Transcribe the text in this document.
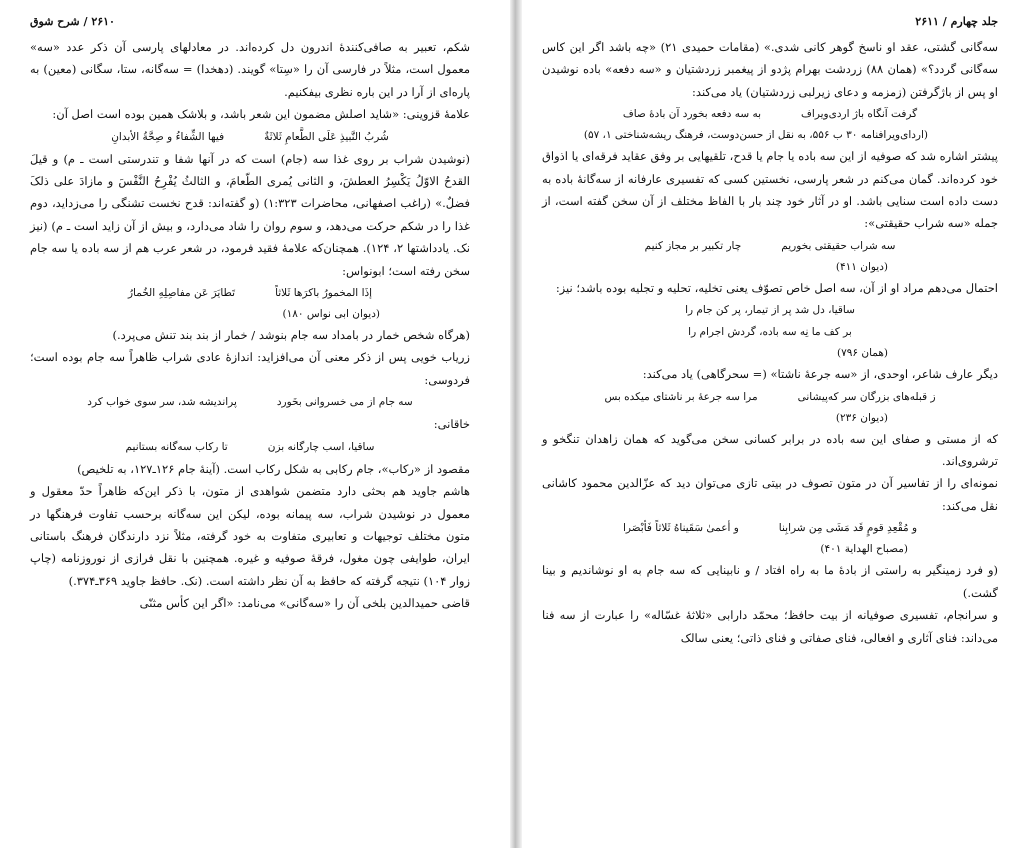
۲۶۱۰ / شرح شوق

شکم، تعبیر به صافی‌کنندهٔ اندرون دل کرده‌اند. در معادلهای پارسی آن ذکر عدد «سه» معمول است، مثلاً در فارسی آن را «سِتا» گویند. (دهخدا) = سه‌گانه، ستا، سگانی (معین) به پاره‌ای از آرا در این باره نظری بیفکنیم.

علامهٔ قزوینی: «شاید اصلش مضمون این شعر باشد، و بلاشک همین بوده است اصل آن:

شُربُ النَّبیذِ عَلَی الطَّعامِ ثَلاثَةٌ
فیها الشِّفاءُ و صِحَّةُ الأبدانِ

(نوشیدن شراب بر روی غذا سه (جام) است که در آنها شفا و تندرستی است ـ م) و قیلَ القدحُ الاوّلُ یَکْسِرُ العطشَ، و الثانی یُمری الطّعامَ، و الثالثُ یُفْرِحُ النَّفْسَ و مازادَ علی ذلکَ فضلٌ.» (راغب اصفهانی، محاضرات ۱:۳۲۳) (و گفته‌اند: قدح نخست تشنگی را می‌زداید، دوم غذا را در شکم حرکت می‌دهد، و سوم روان را شاد می‌دارد، و بیش از آن زاید است ـ م) (نیز نک. یادداشتها ۲، ۱۲۴). همچنان‌که علامهٔ فقید فرمود، در شعر عرب هم از سه باده یا سه جام سخن رفته است؛ ابونواس:

إذَا المخمورُ باکرَها ثَلاثاً
تَطایَرَ عَن مفاصِلِهِ الخُمارُ
(دیوان ابی نواس ۱۸۰)

(هرگاه شخص خمار در بامداد سه جام بنوشد / خمار از بند بند تنش می‌پرد.)

زریاب خویی پس از ذکر معنی آن می‌افزاید: اندازهٔ عادی شراب ظاهراً سه جام بوده است؛ فردوسی:

سه جام از می خسروانی بخَورد
پراندیشه شد، سر سوی خواب کرد

خاقانی:

ساقیا، اسب چارگانه بزن
تا رکاب سه‌گانه بستانیم

مقصود از «رکاب»، جام رکابی به شکل رکاب است. (آینهٔ جام ۱۲۶ـ۱۲۷، به تلخیص)

هاشم جاوید هم بحثی دارد متضمن شواهدی از متون، با ذکر این‌که ظاهراً حدّ معقول و معمول در نوشیدن شراب، سه پیمانه بوده، لیکن این سه‌گانه برحسب تفاوت فرهنگها در متون مختلف توجیهات و تعابیری متفاوت به خود گرفته، مثلاً نزد دارندگان فرهنگ باستانی ایران، طوایفی چون مغول، فرقهٔ صوفیه و غیره. همچنین با نقل فرازی از نوروزنامه (چاپ زوار ۱۰۴) نتیجه گرفته که حافظ به آن نظر داشته است. (نک. حافظ جاوید ۳۶۹ـ۳۷۴.)

قاضی حمیدالدین بلخی آن را «سه‌گانی» می‌نامد: «اگر این کأس مثنّی

جلد چهارم / ۲۶۱۱

سه‌گانی گشتی، عقد او ناسخ گوهر کانی شدی.» (مقامات حمیدی ۲۱) «چه باشد اگر این کاس سه‌گانی گردد؟» (همان ۸۸) زردشت بهرام پژدو از پیغمبر زردشتیان و «سه دفعه» باده نوشیدن او پس از باژگرفتن (زمزمه و دعای زیرلبی زردشتیان) یاد می‌کند:

گرفت آنگاه باژ اردی‌ویراف
به سه دفعه بخورد آن بادهٔ صاف
(اردای‌ویرافنامه ۳۰ ب ۵۵۶، به نقل از حسن‌دوست، فرهنگ ریشه‌شناختی ۱، ۵۷)

پیشتر اشاره شد که صوفیه از این سه باده یا جام یا قدح، تلقیهایی بر وفق عقاید فرقه‌ای یا اذواق خود کرده‌اند. گمان می‌کنم در شعر پارسی، نخستین کسی که تفسیری عارفانه از سه‌گانهٔ باده به دست داده است سنایی باشد. او در آثار خود چند بار با الفاظ مختلف از آن سخن گفته است، از جمله «سه شراب حقیقتی»:

سه شراب حقیقتی بخوریم
چار تکبیر بر مجاز کنیم
(دیوان ۴۱۱)

احتمال می‌دهم مراد او از آن، سه اصل خاص تصوّف یعنی تخلیه، تحلیه و تجلیه بوده باشد؛ نیز:

ساقیا، دل شد پر از تیمار، پر کن جام را
بر کف ما نِه سه باده، گردش اجرام را
(همان ۷۹۶)

دیگر عارف شاعر، اوحدی، از «سه جرعهٔ ناشتا» (= سحرگاهی) یاد می‌کند:

ز قبله‌های بزرگان سر که‌پیشانی
مرا سه جرعهٔ بر ناشتای میکده بس
(دیوان ۲۳۶)

که از مستی و صفای این سه باده در برابر کسانی سخن می‌گوید که همان زاهدان تنگخو و ترشروی‌اند.

نمونه‌ای را از تفاسیر آن در متون تصوف در بیتی تازی می‌توان دید که عزّالدین محمود کاشانی نقل می‌کند:

و مُقْعِدِ قومٍ قَد مَشَی مِن شرابِنا
و أعمیٰ سَقَیناهُ ثَلاثاً فَأبْصَرا
(مصباح الهدایة ۴۰۱)

(و فرد زمینگیر به راستی از بادهٔ ما به راه افتاد / و نابینایی که سه جام به او نوشاندیم و بینا گشت.)

و سرانجام، تفسیری صوفیانه از بیت حافظ؛ محمّد دارابی «ثلاثهٔ غسّاله» را عبارت از سه فنا می‌داند: فنای آثاری و افعالی، فنای صفاتی و فنای ذاتی؛ یعنی سالک
